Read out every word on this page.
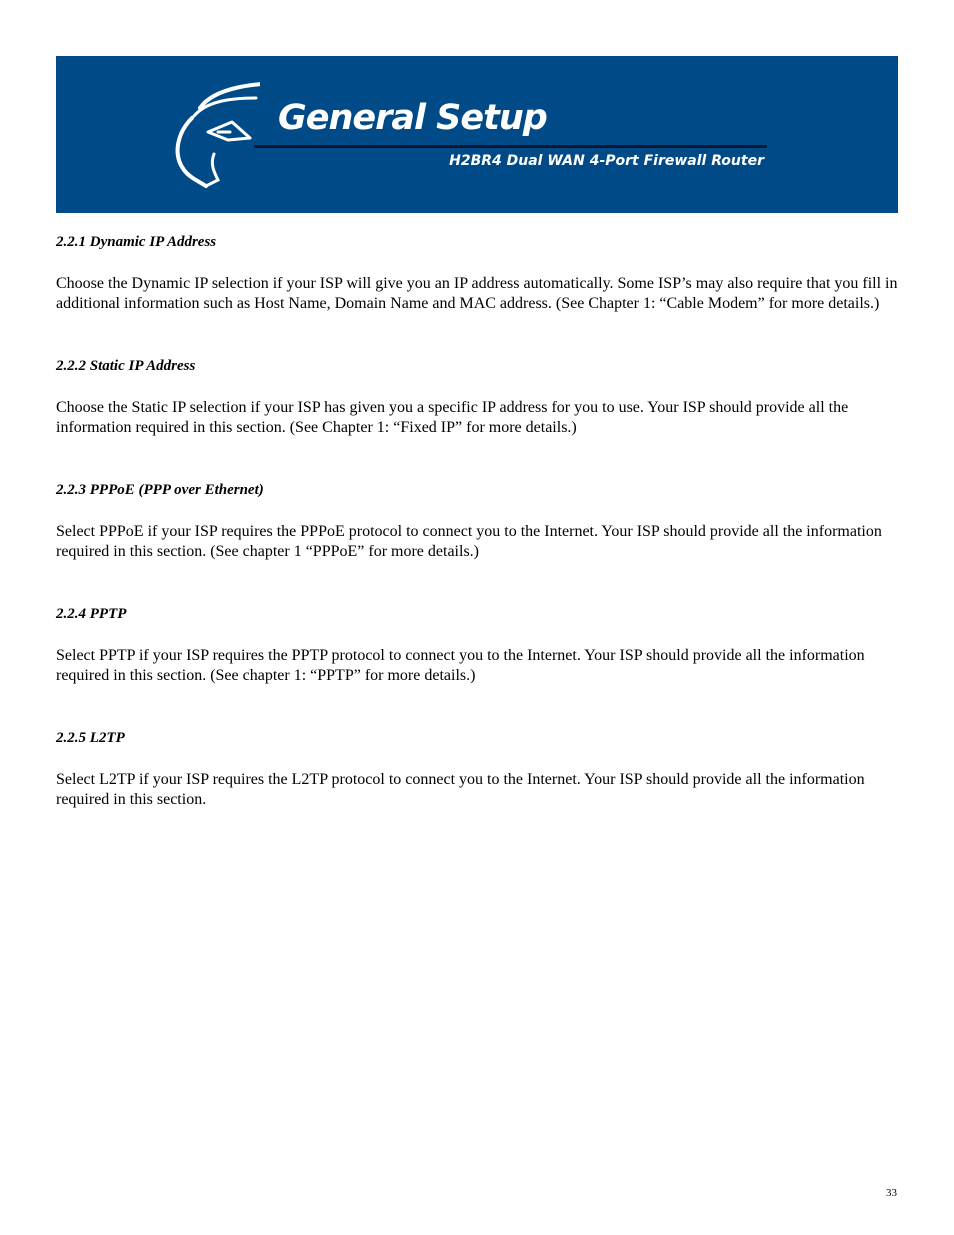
General Setup
H2BR4 Dual WAN 4-Port Firewall Router

2.2.1 Dynamic IP Address

Choose the Dynamic IP selection if your ISP will give you an IP address automatically. Some ISP’s may also require that you fill in additional information such as Host Name, Domain Name and MAC address. (See Chapter 1: “Cable Modem” for more details.)

2.2.2 Static IP Address

Choose the Static IP selection if your ISP has given you a specific IP address for you to use. Your ISP should provide all the information required in this section. (See Chapter 1: “Fixed IP” for more details.)

2.2.3 PPPoE (PPP over Ethernet)

Select PPPoE if your ISP requires the PPPoE protocol to connect you to the Internet. Your ISP should provide all the information required in this section. (See chapter 1 “PPPoE” for more details.)

2.2.4 PPTP

Select PPTP if your ISP requires the PPTP protocol to connect you to the Internet. Your ISP should provide all the information required in this section. (See chapter 1: “PPTP” for more details.)

2.2.5 L2TP

Select L2TP if your ISP requires the L2TP protocol to connect you to the Internet. Your ISP should provide all the information required in this section.

33
